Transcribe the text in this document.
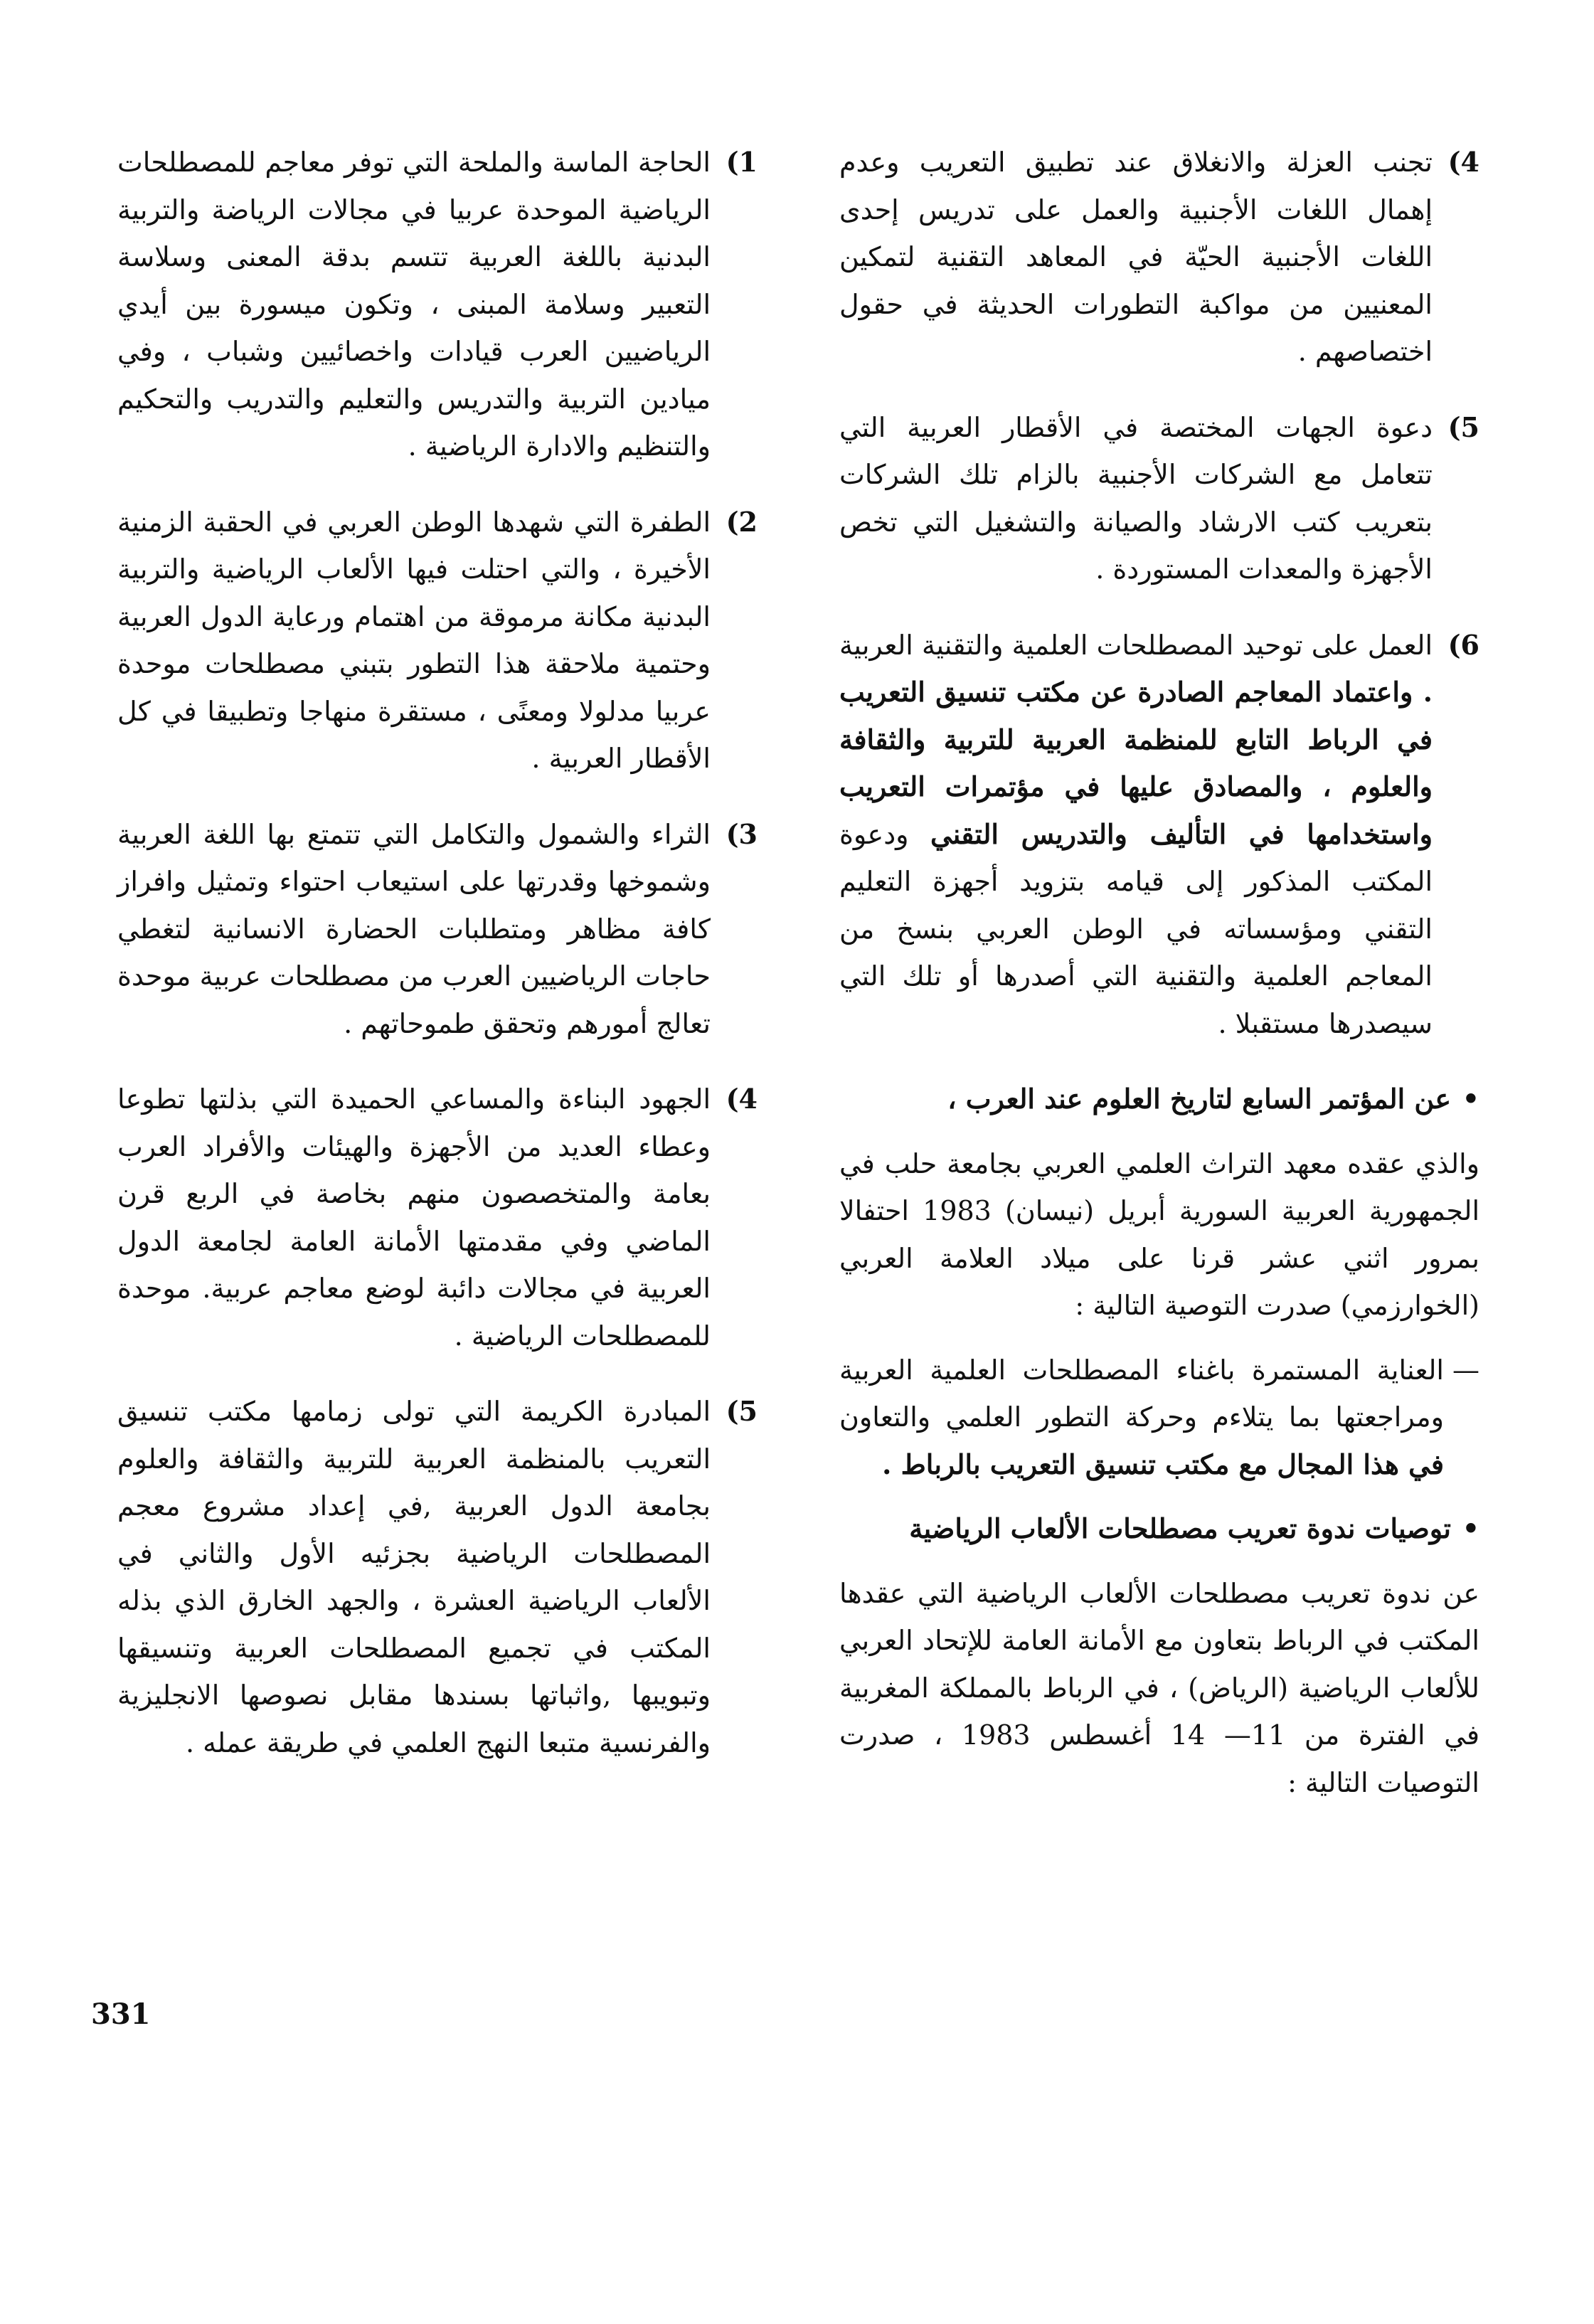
4)
تجنب العزلة والانغلاق عند تطبيق التعريب وعدم إهمال اللغات الأجنبية والعمل على تدريس إحدى اللغات الأجنبية الحيّة في المعاهد التقنية لتمكين المعنيين من مواكبة التطورات الحديثة في حقول اختصاصهم .
5)
دعوة الجهات المختصة في الأقطار العربية التي تتعامل مع الشركات الأجنبية بالزام تلك الشركات بتعريب كتب الارشاد والصيانة والتشغيل التي تخص الأجهزة والمعدات المستوردة .
6)
العمل على توحيد المصطلحات العلمية والتقنية العربية . واعتماد المعاجم الصادرة عن مكتب تنسيق التعريب في الرباط التابع للمنظمة العربية للتربية والثقافة والعلوم ، والمصادق عليها في مؤتمرات التعريب واستخدامها في التأليف والتدريس التقني ودعوة المكتب المذكور إلى قيامه بتزويد أجهزة التعليم التقني ومؤسساته في الوطن العربي بنسخ من المعاجم العلمية والتقنية التي أصدرها أو تلك التي سيصدرها مستقبلا .
•
عن المؤتمر السابع لتاريخ العلوم عند العرب ،
والذي عقده معهد التراث العلمي العربي بجامعة حلب في الجمهورية العربية السورية أبريل (نيسان) 1983 احتفالا بمرور اثني عشر قرنا على ميلاد العلامة العربي (الخوارزمي) صدرت التوصية التالية :
—
العناية المستمرة باغناء المصطلحات العلمية العربية ومراجعتها بما يتلاءم وحركة التطور العلمي والتعاون في هذا المجال مع مكتب تنسيق التعريب بالرباط .
•
توصيات ندوة تعريب مصطلحات الألعاب الرياضية
عن ندوة تعريب مصطلحات الألعاب الرياضية التي عقدها المكتب في الرباط بتعاون مع الأمانة العامة للإتحاد العربي للألعاب الرياضية (الرياض) ، في الرباط بالمملكة المغربية في الفترة من 11— 14 أغسطس 1983 ، صدرت التوصيات التالية :
1)
الحاجة الماسة والملحة التي توفر معاجم للمصطلحات الرياضية الموحدة عربيا في مجالات الرياضة والتربية البدنية باللغة العربية تتسم بدقة المعنى وسلاسة التعبير وسلامة المبنى ، وتكون ميسورة بين أيدي الرياضيين العرب قيادات واخصائيين وشباب ، وفي ميادين التربية والتدريس والتعليم والتدريب والتحكيم والتنظيم والادارة الرياضية .
2)
الطفرة التي شهدها الوطن العربي في الحقبة الزمنية الأخيرة ، والتي احتلت فيها الألعاب الرياضية والتربية البدنية مكانة مرموقة من اهتمام ورعاية الدول العربية وحتمية ملاحقة هذا التطور بتبني مصطلحات موحدة عربيا مدلولا ومعنًى ، مستقرة منهاجا وتطبيقا في كل الأقطار العربية .
3)
الثراء والشمول والتكامل التي تتمتع بها اللغة العربية وشموخها وقدرتها على استيعاب احتواء وتمثيل وافراز كافة مظاهر ومتطلبات الحضارة الانسانية لتغطي حاجات الرياضيين العرب من مصطلحات عربية موحدة تعالج أمورهم وتحقق طموحاتهم .
4)
الجهود البناءة والمساعي الحميدة التي بذلتها تطوعا وعطاء العديد من الأجهزة والهيئات والأفراد العرب بعامة والمتخصصون منهم بخاصة في الربع قرن الماضي وفي مقدمتها الأمانة العامة لجامعة الدول العربية في مجالات دائبة لوضع معاجم عربية. موحدة للمصطلحات الرياضية .
5)
المبادرة الكريمة التي تولى زمامها مكتب تنسيق التعريب بالمنظمة العربية للتربية والثقافة والعلوم بجامعة الدول العربية ,في إعداد مشروع معجم المصطلحات الرياضية بجزئيه الأول والثاني في الألعاب الرياضية العشرة ، والجهد الخارق الذي بذله المكتب في تجميع المصطلحات العربية وتنسيقها وتبويبها ,واثباتها بسندها مقابل نصوصها الانجليزية والفرنسية متبعا النهج العلمي في طريقة عمله .
331
